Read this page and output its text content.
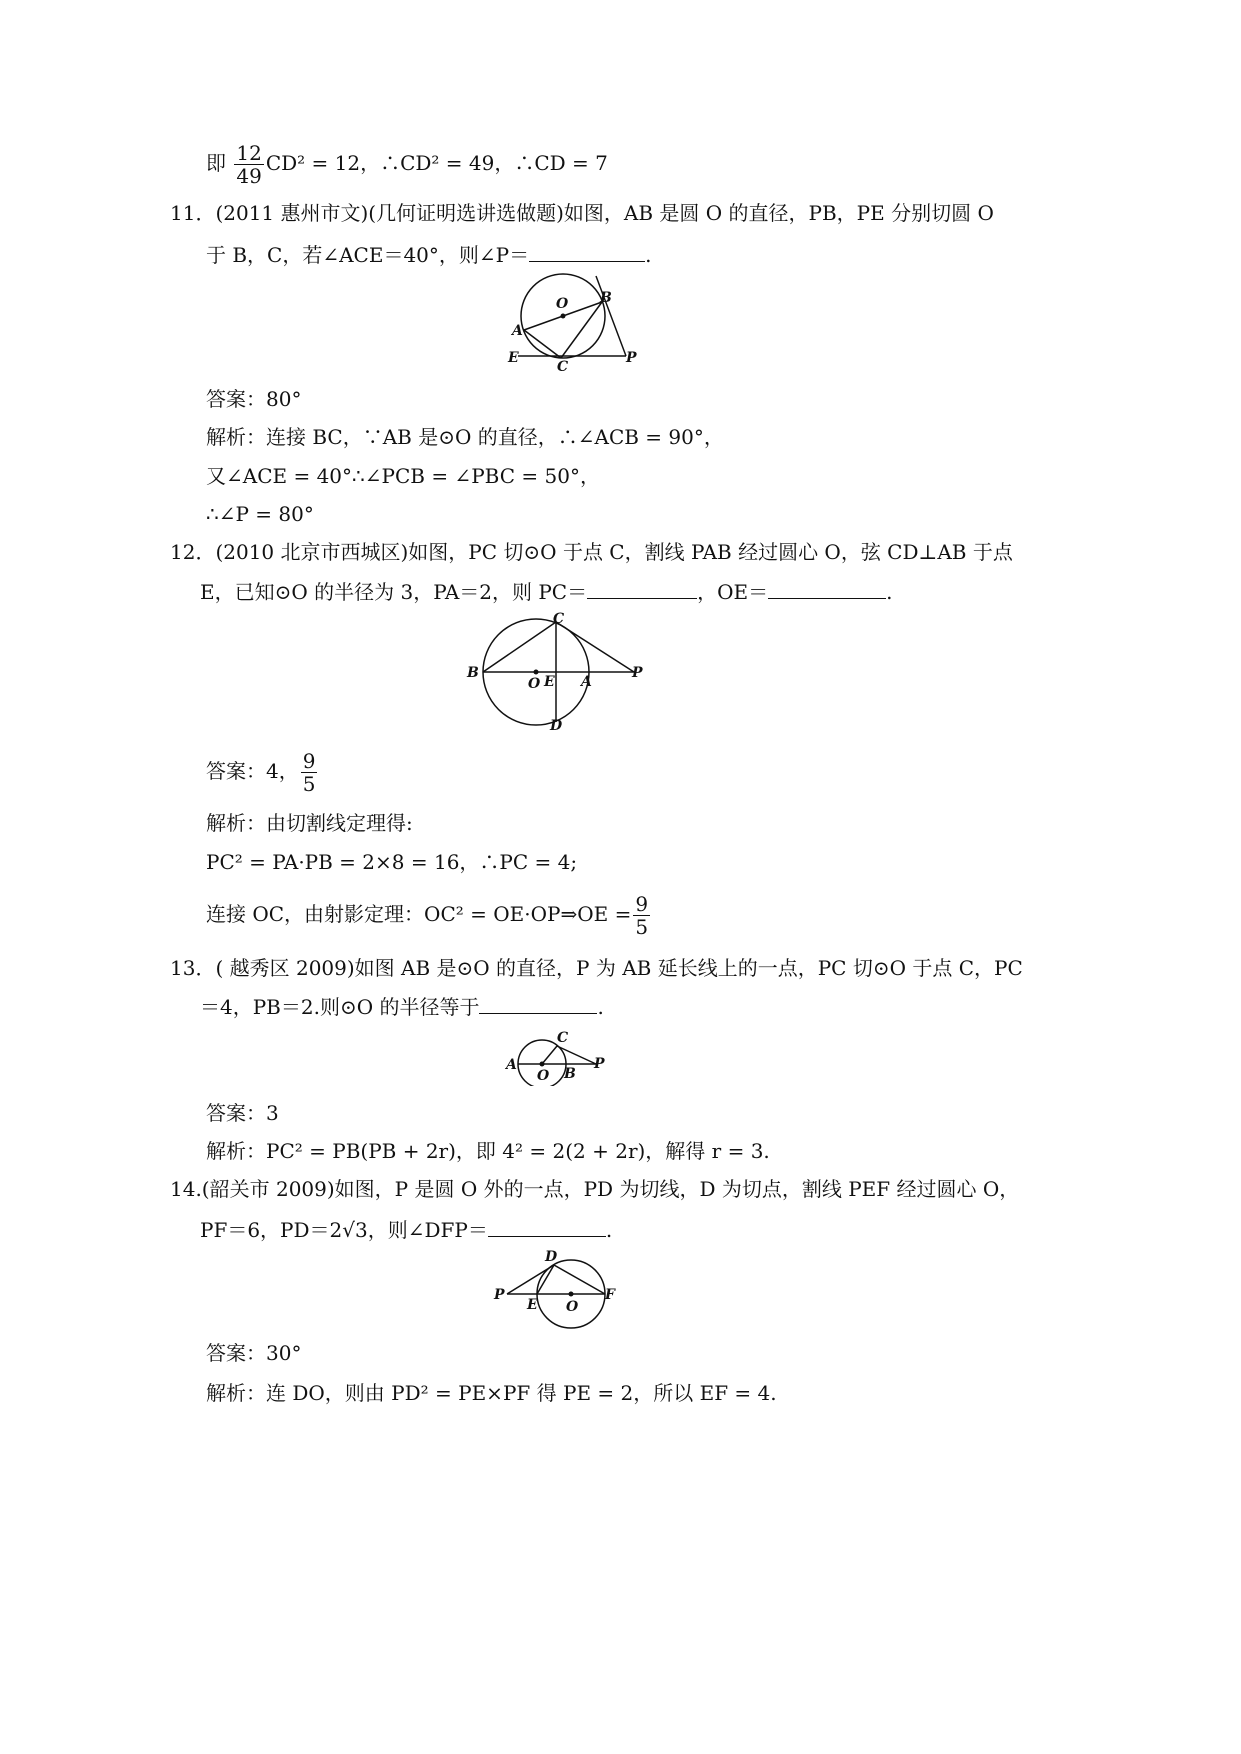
即 $\frac{12}{49} CD^2 = 12$，∴CD² = 49，∴CD = 7
11．(2011 惠州市文)(几何证明选讲选做题)如图，AB 是圆 O 的直径，PB，PE 分别切圆 O
于 B，C，若∠ACE＝40°，则∠P＝	.
O B
A
E
C
P
答案：80°
解析：连接 BC，∵AB 是⊙O 的直径，∴∠ACB = 90°，
又∠ACE = 40°∴∠PCB = ∠PBC = 50°，
∴∠P = 80°
12．(2010 北京市西城区)如图，PC 切⊙O 于点 C，割线 PAB 经过圆心 O，弦 CD⊥AB 于点
E，已知⊙O 的半径为 3，PA＝2，则 PC＝	，OE＝	.
C
B
O E A
P
D
答案：4， $\frac{9}{5}$
解析：由切割线定理得:
PC² = PA·PB = 2×8 = 16，∴PC = 4;
连接 OC，由射影定理：OC² = OE·OP⇒OE = $\frac{9}{5}$
13．( 越秀区 2009)如图 AB 是⊙O 的直径，P 为 AB 延长线上的一点，PC 切⊙O 于点 C，PC
＝4，PB＝2.则⊙O 的半径等于	.
C
A
O B
P
答案：3
解析：PC² = PB(PB + 2r)，即 4² = 2(2 + 2r)，解得 r = 3.
14.(韶关市 2009)如图，P 是圆 O 外的一点，PD 为切线，D 为切点，割线 PEF 经过圆心 O，
PF＝6，PD＝2√3，则∠DFP＝	.
D
P
E O
F
答案：30°
解析：连 DO，则由 PD² = PE×PF 得 PE = 2，所以 EF = 4.
